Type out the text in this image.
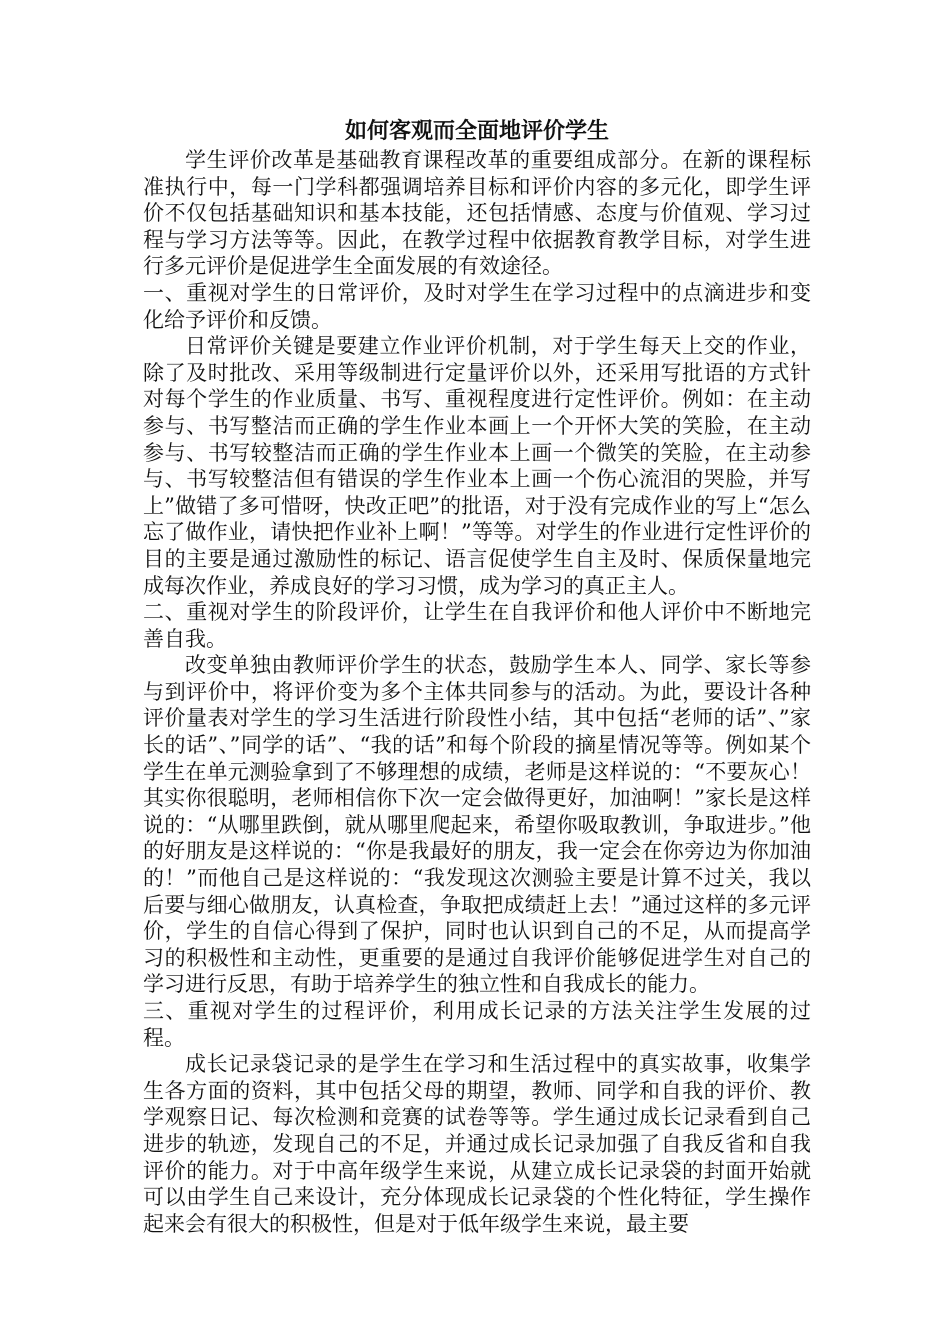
如何客观而全面地评价学生

学生评价改革是基础教育课程改革的重要组成部分。在新的课程标准执行中，每一门学科都强调培养目标和评价内容的多元化，即学生评价不仅包括基础知识和基本技能，还包括情感、态度与价值观、学习过程与学习方法等等。因此，在教学过程中依据教育教学目标，对学生进行多元评价是促进学生全面发展的有效途径。

一、重视对学生的日常评价，及时对学生在学习过程中的点滴进步和变化给予评价和反馈。

日常评价关键是要建立作业评价机制，对于学生每天上交的作业，除了及时批改、采用等级制进行定量评价以外，还采用写批语的方式针对每个学生的作业质量、书写、重视程度进行定性评价。例如：在主动参与、书写整洁而正确的学生作业本画上一个开怀大笑的笑脸，在主动参与、书写较整洁而正确的学生作业本上画一个微笑的笑脸，在主动参与、书写较整洁但有错误的学生作业本上画一个伤心流泪的哭脸，并写上”做错了多可惜呀，快改正吧”的批语，对于没有完成作业的写上“怎么忘了做作业，请快把作业补上啊！”等等。对学生的作业进行定性评价的目的主要是通过激励性的标记、语言促使学生自主及时、保质保量地完成每次作业，养成良好的学习习惯，成为学习的真正主人。

二、重视对学生的阶段评价，让学生在自我评价和他人评价中不断地完善自我。

改变单独由教师评价学生的状态，鼓励学生本人、同学、家长等参与到评价中，将评价变为多个主体共同参与的活动。为此，要设计各种评价量表对学生的学习生活进行阶段性小结，其中包括“老师的话”、”家长的话”、”同学的话”、“我的话”和每个阶段的摘星情况等等。例如某个学生在单元测验拿到了不够理想的成绩，老师是这样说的：“不要灰心！其实你很聪明，老师相信你下次一定会做得更好，加油啊！”家长是这样说的：“从哪里跌倒，就从哪里爬起来，希望你吸取教训，争取进步。”他的好朋友是这样说的：“你是我最好的朋友，我一定会在你旁边为你加油的！”而他自己是这样说的：“我发现这次测验主要是计算不过关，我以后要与细心做朋友，认真检查，争取把成绩赶上去！”通过这样的多元评价，学生的自信心得到了保护，同时也认识到自己的不足，从而提高学习的积极性和主动性，更重要的是通过自我评价能够促进学生对自己的学习进行反思，有助于培养学生的独立性和自我成长的能力。

三、重视对学生的过程评价，利用成长记录的方法关注学生发展的过程。

成长记录袋记录的是学生在学习和生活过程中的真实故事，收集学生各方面的资料，其中包括父母的期望，教师、同学和自我的评价、教学观察日记、每次检测和竞赛的试卷等等。学生通过成长记录看到自己进步的轨迹，发现自己的不足，并通过成长记录加强了自我反省和自我评价的能力。对于中高年级学生来说，从建立成长记录袋的封面开始就可以由学生自己来设计，充分体现成长记录袋的个性化特征，学生操作起来会有很大的积极性，但是对于低年级学生来说，最主要
